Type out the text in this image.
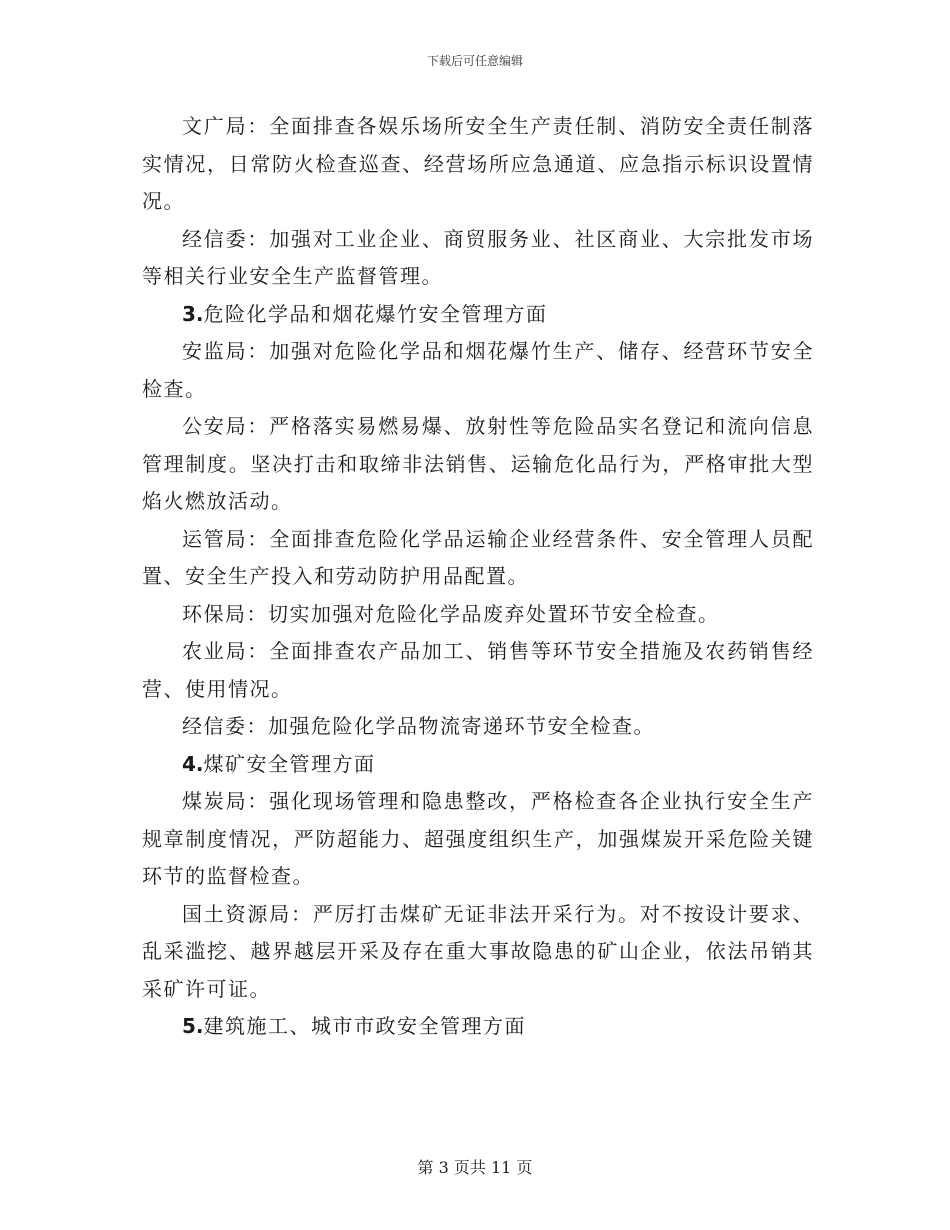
下载后可任意编辑

文广局：全面排查各娱乐场所安全生产责任制、消防安全责任制落实情况，日常防火检查巡查、经营场所应急通道、应急指示标识设置情况。

经信委：加强对工业企业、商贸服务业、社区商业、大宗批发市场等相关行业安全生产监督管理。

3.危险化学品和烟花爆竹安全管理方面

安监局：加强对危险化学品和烟花爆竹生产、储存、经营环节安全检查。

公安局：严格落实易燃易爆、放射性等危险品实名登记和流向信息管理制度。坚决打击和取缔非法销售、运输危化品行为，严格审批大型焰火燃放活动。

运管局：全面排查危险化学品运输企业经营条件、安全管理人员配置、安全生产投入和劳动防护用品配置。

环保局：切实加强对危险化学品废弃处置环节安全检查。

农业局：全面排查农产品加工、销售等环节安全措施及农药销售经营、使用情况。

经信委：加强危险化学品物流寄递环节安全检查。

4.煤矿安全管理方面

煤炭局：强化现场管理和隐患整改，严格检查各企业执行安全生产规章制度情况，严防超能力、超强度组织生产，加强煤炭开采危险关键环节的监督检查。

国土资源局：严厉打击煤矿无证非法开采行为。对不按设计要求、乱采滥挖、越界越层开采及存在重大事故隐患的矿山企业，依法吊销其采矿许可证。

5.建筑施工、城市市政安全管理方面

第 3 页共 11 页
